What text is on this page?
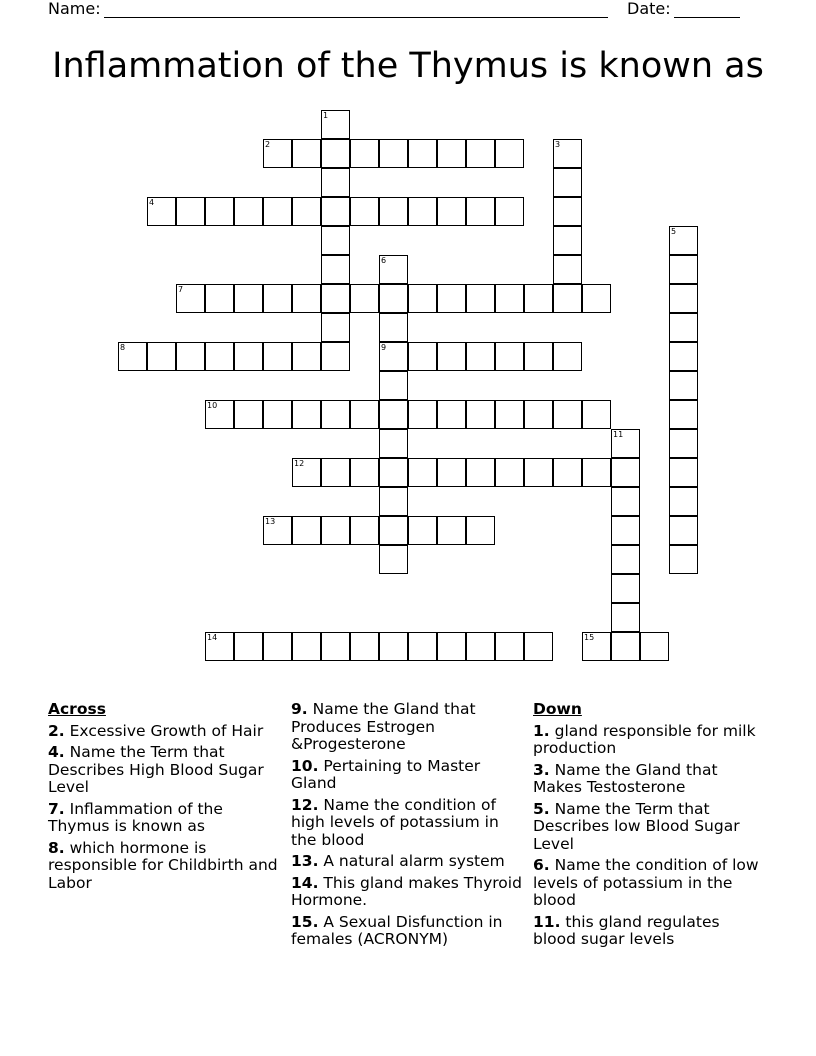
Name:	Date:
Inflammation of the Thymus is known as
1
2	3
4
5
6
9
7
8
10
11
12
13
14	15
Across
2. Excessive Growth of Hair
4. Name the Term that Describes High Blood Sugar Level
7. Inflammation of the Thymus is known as
8. which hormone is responsible for Childbirth and Labor
9. Name the Gland that Produces Estrogen &Progesterone
10. Pertaining to Master Gland
12. Name the condition of high levels of potassium in the blood
13. A natural alarm system
14. This gland makes Thyroid Hormone.
15. A Sexual Disfunction in females (ACRONYM)
Down
1. gland responsible for milk production
3. Name the Gland that Makes Testosterone
5. Name the Term that Describes low Blood Sugar Level
6. Name the condition of low levels of potassium in the blood
11. this gland regulates blood sugar levels
